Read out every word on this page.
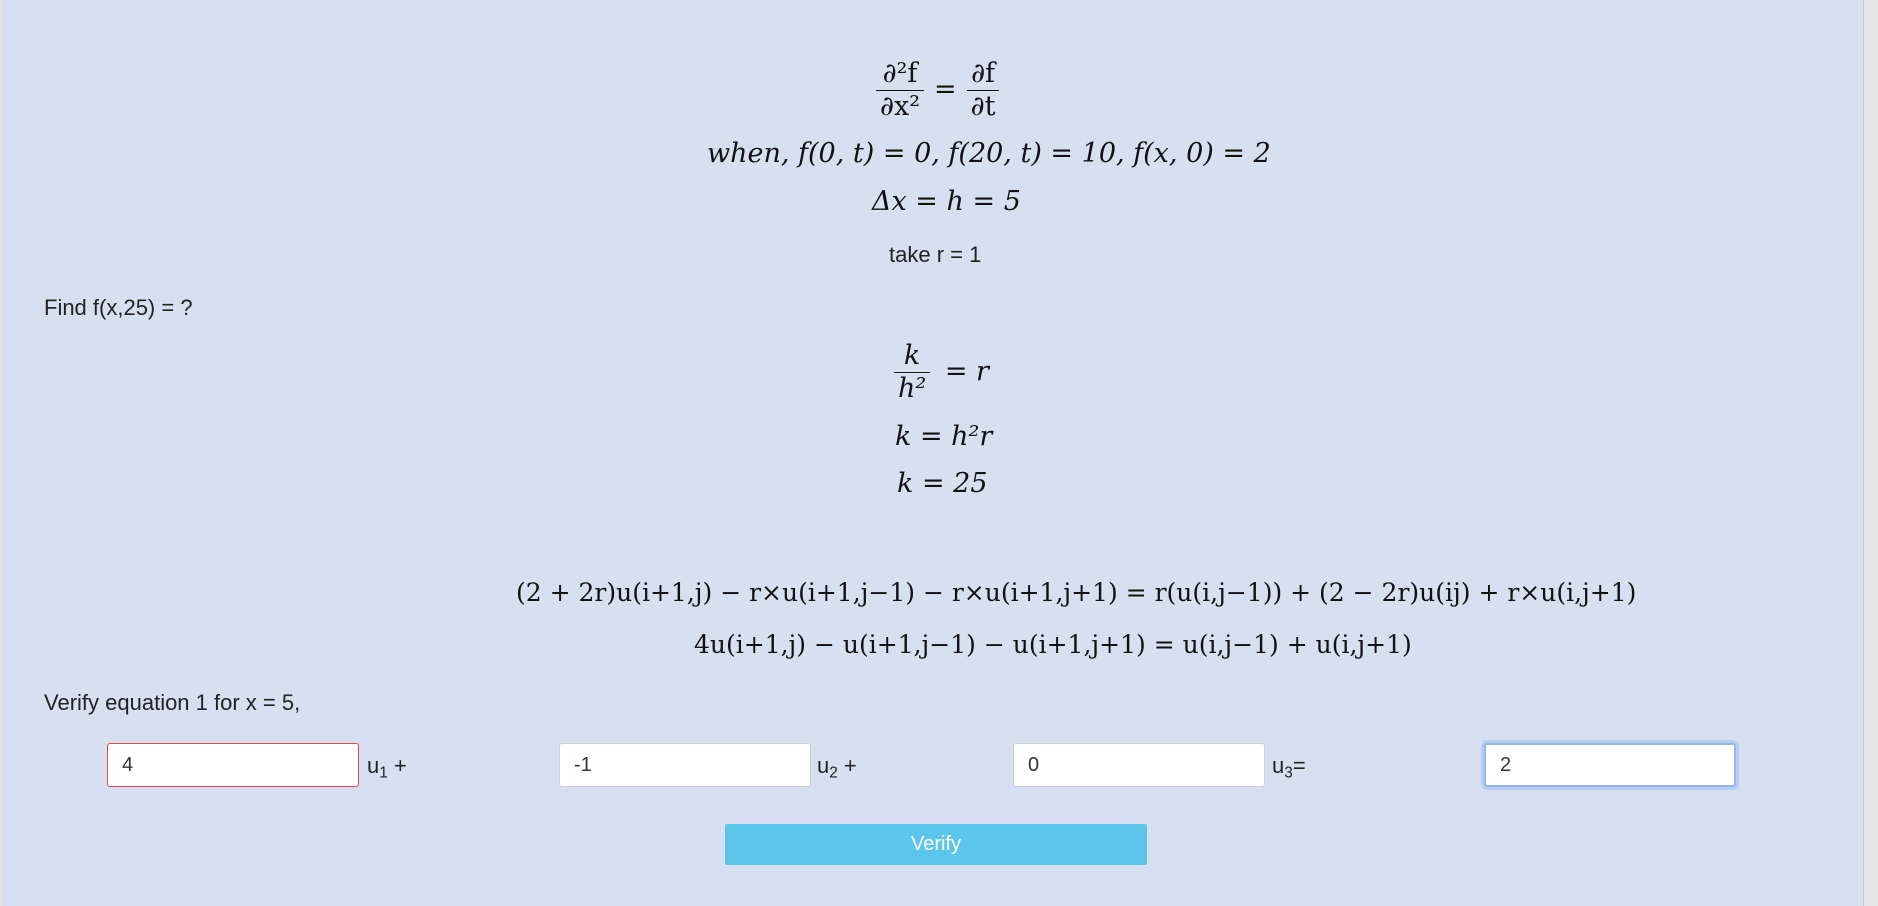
$\frac{\text{∂²f}}{\text{∂x²}} = \frac{\partial f}{\partial t}$
when, f(0, t) = 0, f(20, t) = 10, f(x, 0) = 2
Δx = h = 5
take r = 1
Find f(x,25) = ?
$\frac{k}{\text{h²}} = r$
k = h²r
k = 25
(2 + 2r)u(i+1,j) − r×u(i+1,j−1) − r×u(i+1,j+1) = r(u(i,j−1)) + (2 − 2r)u(ij) + r×u(i,j+1)
4u(i+1,j) − u(i+1,j−1) − u(i+1,j+1) = u(i,j−1) + u(i,j+1)
Verify equation 1 for x = 5,
4
$u_1$ +
-1	$u_2$ +
0	$u_3=$
2
Verify
